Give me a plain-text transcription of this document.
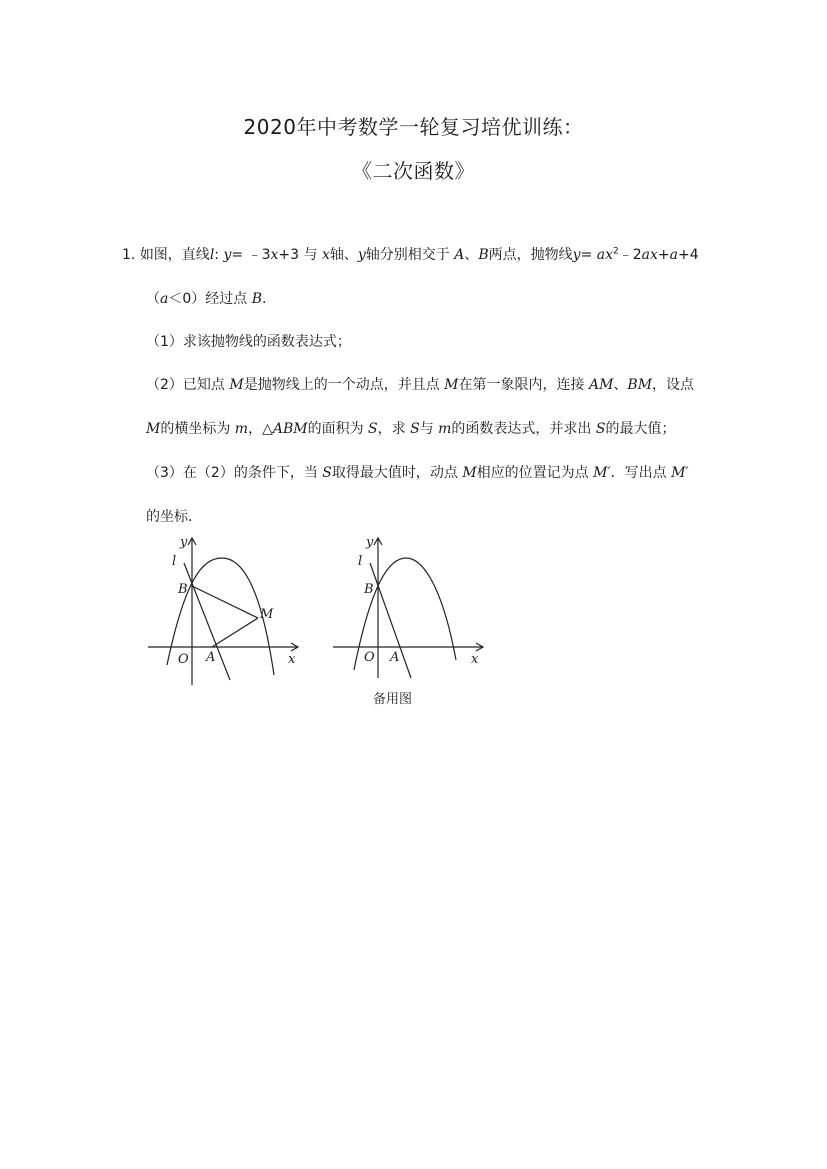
2020年中考数学一轮复习培优训练：
《二次函数》
1. 如图，直线l: y= ﹣3x+3 与 x轴、y轴分别相交于 A、B两点，抛物线$y= ax^2﹣2ax+a+4$
（a＜0）经过点 B.
（1）求该抛物线的函数表达式；
（2）已知点 M是抛物线上的一个动点，并且点 M在第一象限内，连接 AM、BM，设点
M的横坐标为 m，△ABM的面积为 S，求 S与 m的函数表达式，并求出 S的最大值；
（3）在（2）的条件下，当 S取得最大值时，动点 M相应的位置记为点 M′．写出点 M′
的坐标．
y
l
B
M
O A	x
y
l
B
O A	x
备用图
